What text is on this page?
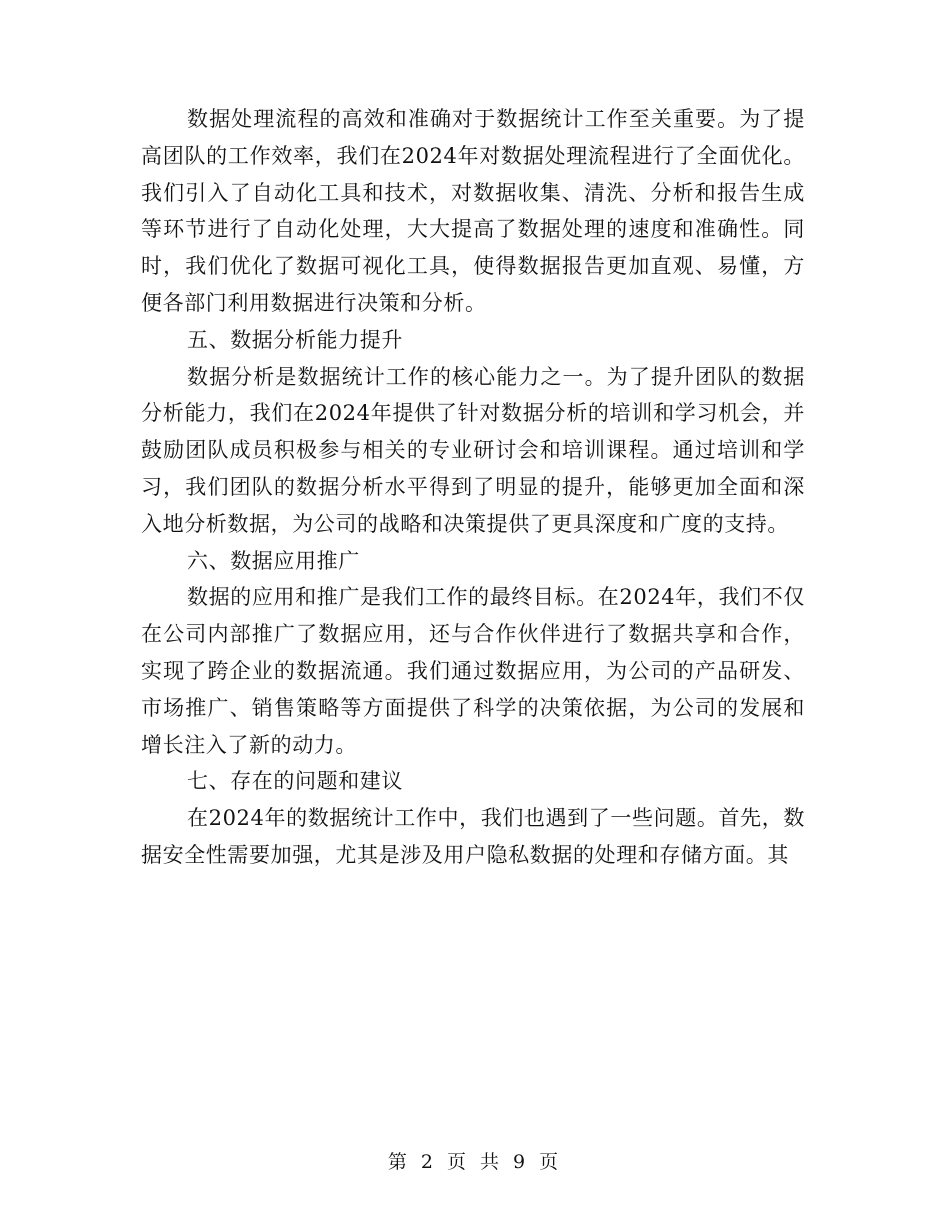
数据处理流程的高效和准确对于数据统计工作至关重要。为了提高团队的工作效率，我们在2024年对数据处理流程进行了全面优化。我们引入了自动化工具和技术，对数据收集、清洗、分析和报告生成等环节进行了自动化处理，大大提高了数据处理的速度和准确性。同时，我们优化了数据可视化工具，使得数据报告更加直观、易懂，方便各部门利用数据进行决策和分析。

五、数据分析能力提升

数据分析是数据统计工作的核心能力之一。为了提升团队的数据分析能力，我们在2024年提供了针对数据分析的培训和学习机会，并鼓励团队成员积极参与相关的专业研讨会和培训课程。通过培训和学习，我们团队的数据分析水平得到了明显的提升，能够更加全面和深入地分析数据，为公司的战略和决策提供了更具深度和广度的支持。

六、数据应用推广

数据的应用和推广是我们工作的最终目标。在2024年，我们不仅在公司内部推广了数据应用，还与合作伙伴进行了数据共享和合作，实现了跨企业的数据流通。我们通过数据应用，为公司的产品研发、市场推广、销售策略等方面提供了科学的决策依据，为公司的发展和增长注入了新的动力。

七、存在的问题和建议

在2024年的数据统计工作中，我们也遇到了一些问题。首先，数据安全性需要加强，尤其是涉及用户隐私数据的处理和存储方面。其

第 2 页 共 9 页
